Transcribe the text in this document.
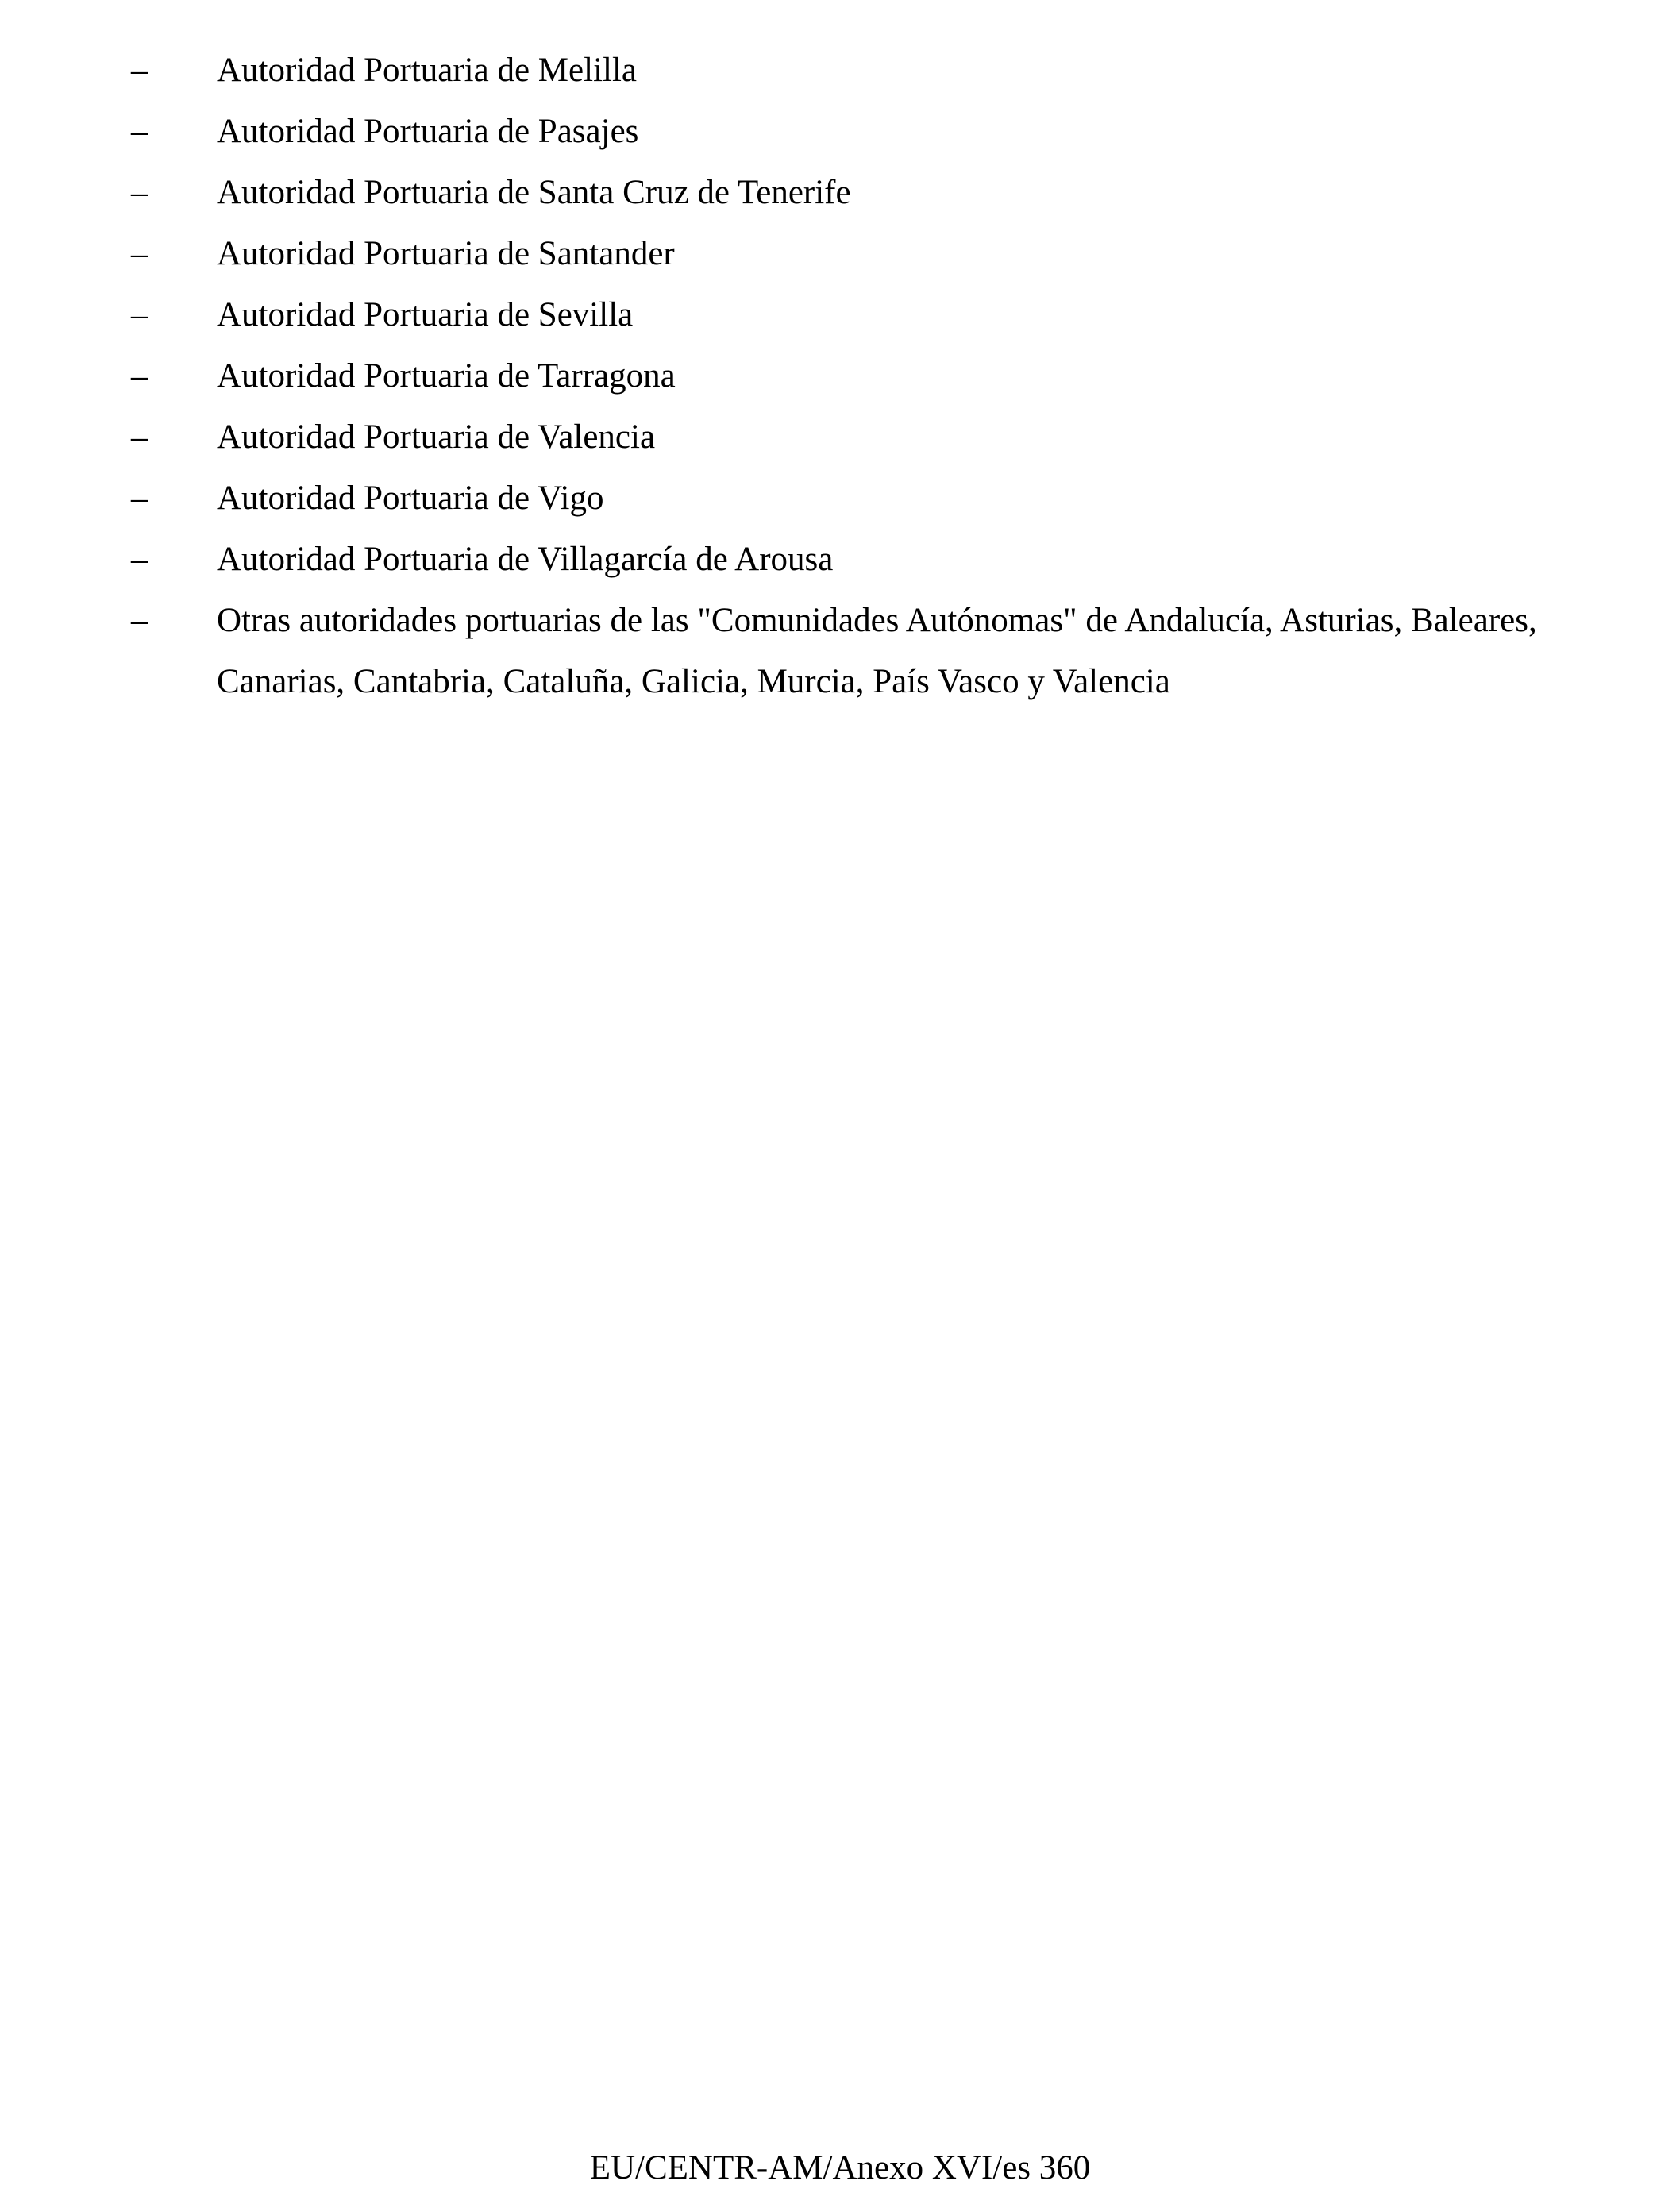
–	Autoridad Portuaria de Melilla
–	Autoridad Portuaria de Pasajes
–	Autoridad Portuaria de Santa Cruz de Tenerife
–	Autoridad Portuaria de Santander
–	Autoridad Portuaria de Sevilla
–	Autoridad Portuaria de Tarragona
–	Autoridad Portuaria de Valencia
–	Autoridad Portuaria de Vigo
–	Autoridad Portuaria de Villagarcía de Arousa
–	Otras autoridades portuarias de las "Comunidades Autónomas" de Andalucía, Asturias, Baleares, Canarias, Cantabria, Cataluña, Galicia, Murcia, País Vasco y Valencia
EU/CENTR-AM/Anexo XVI/es 360
